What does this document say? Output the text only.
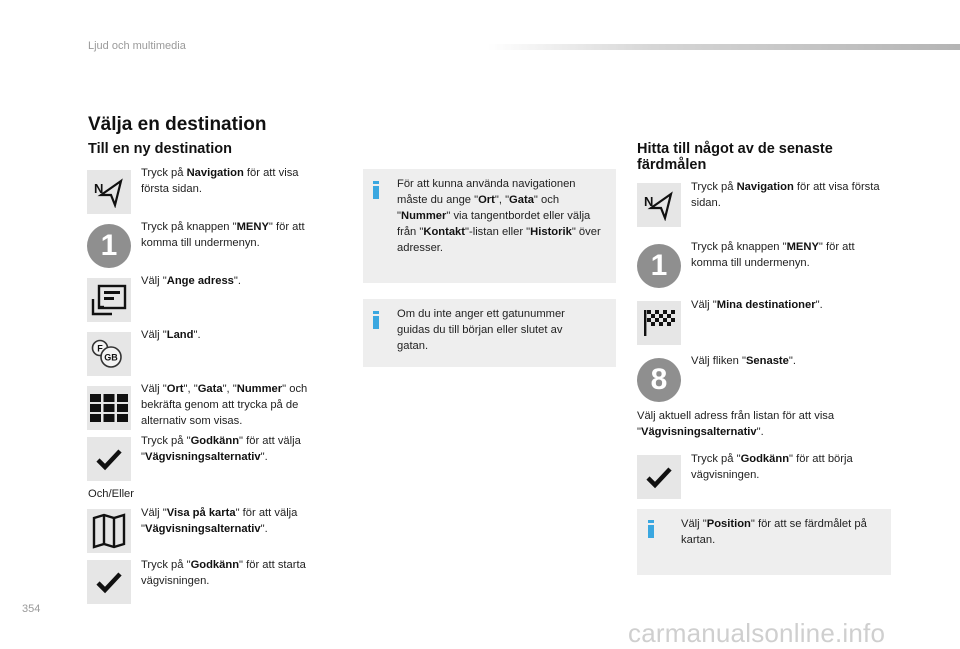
Ljud och multimedia
354
carmanualsonline.info
Välja en destination
Till en ny destination	Hitta till något av de senaste färdmålen
N
Tryck på Navigation för att visa första sidan.
1
Tryck på knappen "MENY" för att komma till undermenyn.
Välj "Ange adress".
F
GB
Välj "Land".
Välj "Ort", "Gata", "Nummer" och bekräfta genom att trycka på de alternativ som visas.
Tryck på "Godkänn" för att välja "Vägvisningsalternativ".
Och/Eller
Välj "Visa på karta" för att välja "Vägvisningsalternativ".
Tryck på "Godkänn" för att starta vägvisningen.
För att kunna använda navigationen måste du ange "Ort", "Gata" och "Nummer" via tangentbordet eller välja från "Kontakt"-listan eller "Historik" över adresser.
Om du inte anger ett gatunummer guidas du till början eller slutet av gatan.
N
Tryck på Navigation för att visa första sidan.
1
Tryck på knappen "MENY" för att komma till undermenyn.
Välj "Mina destinationer".
8
Välj fliken "Senaste".
Välj aktuell adress från listan för att visa "Vägvisningsalternativ".
Tryck på "Godkänn" för att börja vägvisningen.
Välj "Position" för att se färdmålet på kartan.
